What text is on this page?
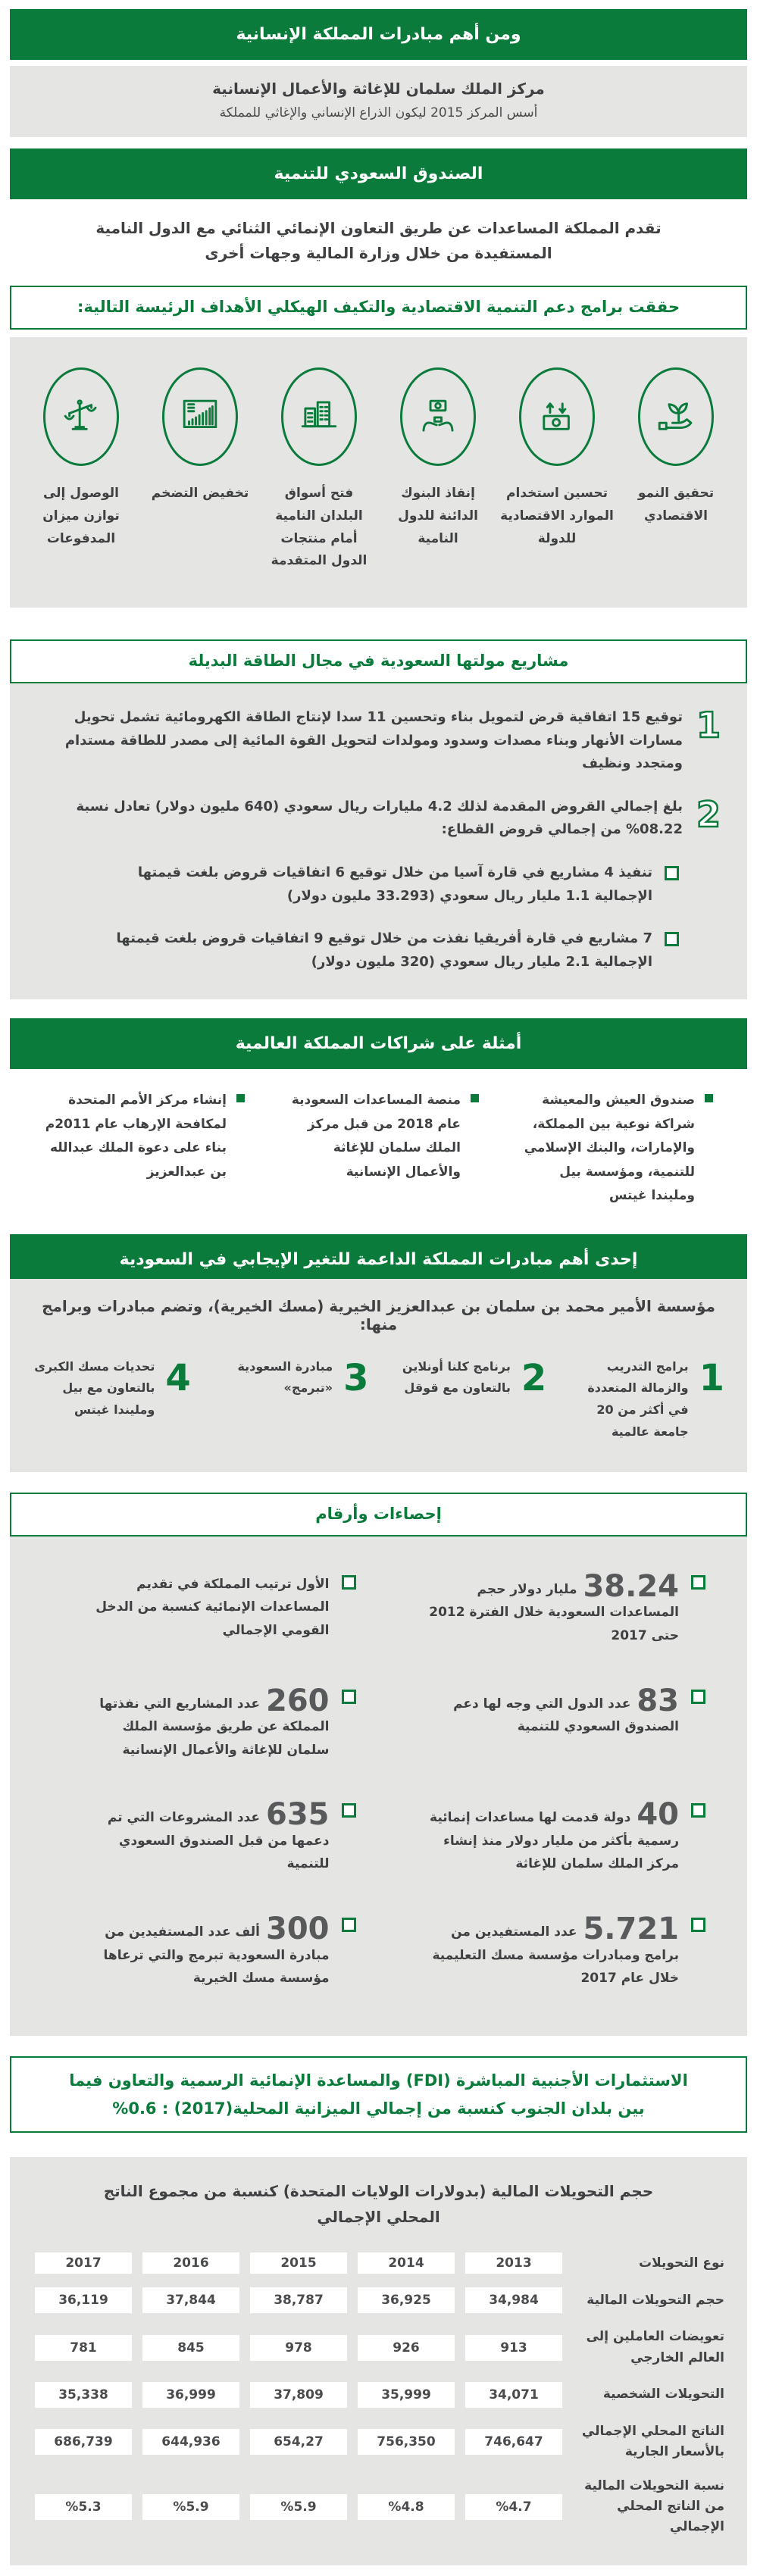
ومن أهم مبادرات المملكة الإنسانية

مركز الملك سلمان للإغاثة والأعمال الإنسانية

أسس المركز 2015 ليكون الذراع الإنساني والإغاثي للمملكة
الصندوق السعودي للتنمية
تقدم المملكة المساعدات عن طريق التعاون الإنمائي الثنائي مع الدول النامية المستفيدة من خلال وزارة المالية وجهات أخرى
حققت برامج دعم التنمية الاقتصادية والتكيف الهيكلي الأهداف الرئيسة التالية:
تحقيق النمو الاقتصادي
تحسين استخدام الموارد الاقتصادية للدولة
إنقاذ البنوك الدائنة للدول النامية
فتح أسواق البلدان النامية أمام منتجات الدول المتقدمة
تخفيض التضخم
الوصول إلى توازن ميزان المدفوعات
مشاريع مولتها السعودية في مجال الطاقة البديلة
1
توقيع 15 اتفاقية قرض لتمويل بناء وتحسين 11 سدا لإنتاج الطاقة الكهرومائية تشمل تحويل مسارات الأنهار وبناء مصدات وسدود ومولدات لتحويل القوة المائية إلى مصدر للطاقة مستدام ومتجدد ونظيف
2
بلغ إجمالي القروض المقدمة لذلك 4.2 مليارات ريال سعودي (640 مليون دولار) تعادل نسبة 08.22% من إجمالي قروض القطاع:
تنفيذ 4 مشاريع في قارة آسيا من خلال توقيع 6 اتفاقيات قروض بلغت قيمتها الإجمالية 1.1 مليار ريال سعودي (33.293 مليون دولار)
7 مشاريع في قارة أفريقيا نفذت من خلال توقيع 9 اتفاقيات قروض بلغت قيمتها الإجمالية 2.1 مليار ريال سعودي (320 مليون دولار)
أمثلة على شراكات المملكة العالمية
صندوق العيش والمعيشة شراكة نوعية بين المملكة، والإمارات، والبنك الإسلامي للتنمية، ومؤسسة بيل ومليندا غيتس
منصة المساعدات السعودية عام 2018 من قبل مركز الملك سلمان للإغاثة والأعمال الإنسانية
إنشاء مركز الأمم المتحدة لمكافحة الإرهاب عام 2011م بناء على دعوة الملك عبدالله بن عبدالعزيز
إحدى أهم مبادرات المملكة الداعمة للتغير الإيجابي في السعودية

مؤسسة الأمير محمد بن سلمان بن عبدالعزيز الخيرية (مسك الخيرية)، وتضم مبادرات وبرامج منها:

1
برامج التدريب والزمالة المتعددة في أكثر من 20 جامعة عالمية
2
برنامج كلنا أونلاين بالتعاون مع قوقل
3
مبادرة السعودية «تبرمج»
4
تحديات مسك الكبرى بالتعاون مع بيل ومليندا غيتس
إحصاءات وأرقام
38.24مليار دولار حجم المساعدات السعودية خلال الفترة 2012 حتى 2017
الأول ترتيب المملكة في تقديم المساعدات الإنمائية كنسبة من الدخل القومي الإجمالي
83عدد الدول التي وجه لها دعم الصندوق السعودي للتنمية
260عدد المشاريع التي نفذتها المملكة عن طريق مؤسسة الملك سلمان للإغاثة والأعمال الإنسانية
40دولة قدمت لها مساعدات إنمائية رسمية بأكثر من مليار دولار منذ إنشاء مركز الملك سلمان للإغاثة
635عدد المشروعات التي تم دعمها من قبل الصندوق السعودي للتنمية
5.721عدد المستفيدين من برامج ومبادرات مؤسسة مسك التعليمية خلال عام 2017
300ألف عدد المستفيدين من مبادرة السعودية تبرمج والتي ترعاها مؤسسة مسك الخيرية
الاستثمارات الأجنبية المباشرة (FDI) والمساعدة الإنمائية الرسمية والتعاون فيما بين بلدان الجنوب كنسبة من إجمالي الميزانية المحلية(2017) : 0.6%

حجم التحويلات المالية (بدولارات الولايات المتحدة) كنسبة من مجموع الناتج المحلي الإجمالي

نوع التحويلات
2013
2014
2015
2016
2017
حجم التحويلات المالية
34,984
36,925
38,787
37,844
36,119
تعويضات العاملين إلى العالم الخارجي
913
926
978
845
781
التحويلات الشخصية
34,071
35,999
37,809
36,999
35,338
الناتج المحلي الإجمالي بالأسعار الجارية
746,647
756,350
654,27
644,936
686,739
نسبة التحويلات المالية من الناتج المحلي الإجمالي
%4.7
%4.8
%5.9
%5.9
%5.3
